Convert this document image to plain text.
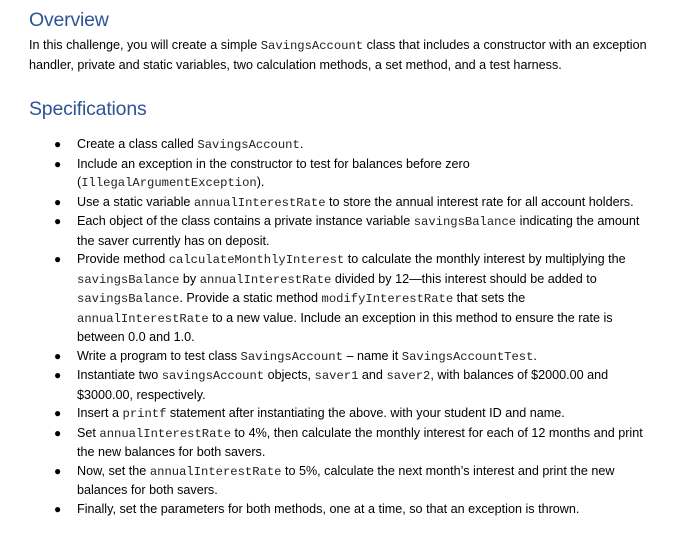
Overview

In this challenge, you will create a simple SavingsAccount class that includes a constructor with an exception handler, private and static variables, two calculation methods, a set method, and a test harness.

Specifications
● Create a class called SavingsAccount.
● Include an exception in the constructor to test for balances before zero (IllegalArgumentException).
● Use a static variable annualInterestRate to store the annual interest rate for all account holders.
● Each object of the class contains a private instance variable savingsBalance indicating the amount the saver currently has on deposit.
● Provide method calculateMonthlyInterest to calculate the monthly interest by multiplying the savingsBalance by annualInterestRate divided by 12—this interest should be added to savingsBalance. Provide a static method modifyInterestRate that sets the annualInterestRate to a new value. Include an exception in this method to ensure the rate is between 0.0 and 1.0.
● Write a program to test class SavingsAccount – name it SavingsAccountTest.
● Instantiate two savingsAccount objects, saver1 and saver2, with balances of $2000.00 and $3000.00, respectively.
● Insert a printf statement after instantiating the above. with your student ID and name.
● Set annualInterestRate to 4%, then calculate the monthly interest for each of 12 months and print the new balances for both savers.
● Now, set the annualInterestRate to 5%, calculate the next month’s interest and print the new balances for both savers.
● Finally, set the parameters for both methods, one at a time, so that an exception is thrown.
